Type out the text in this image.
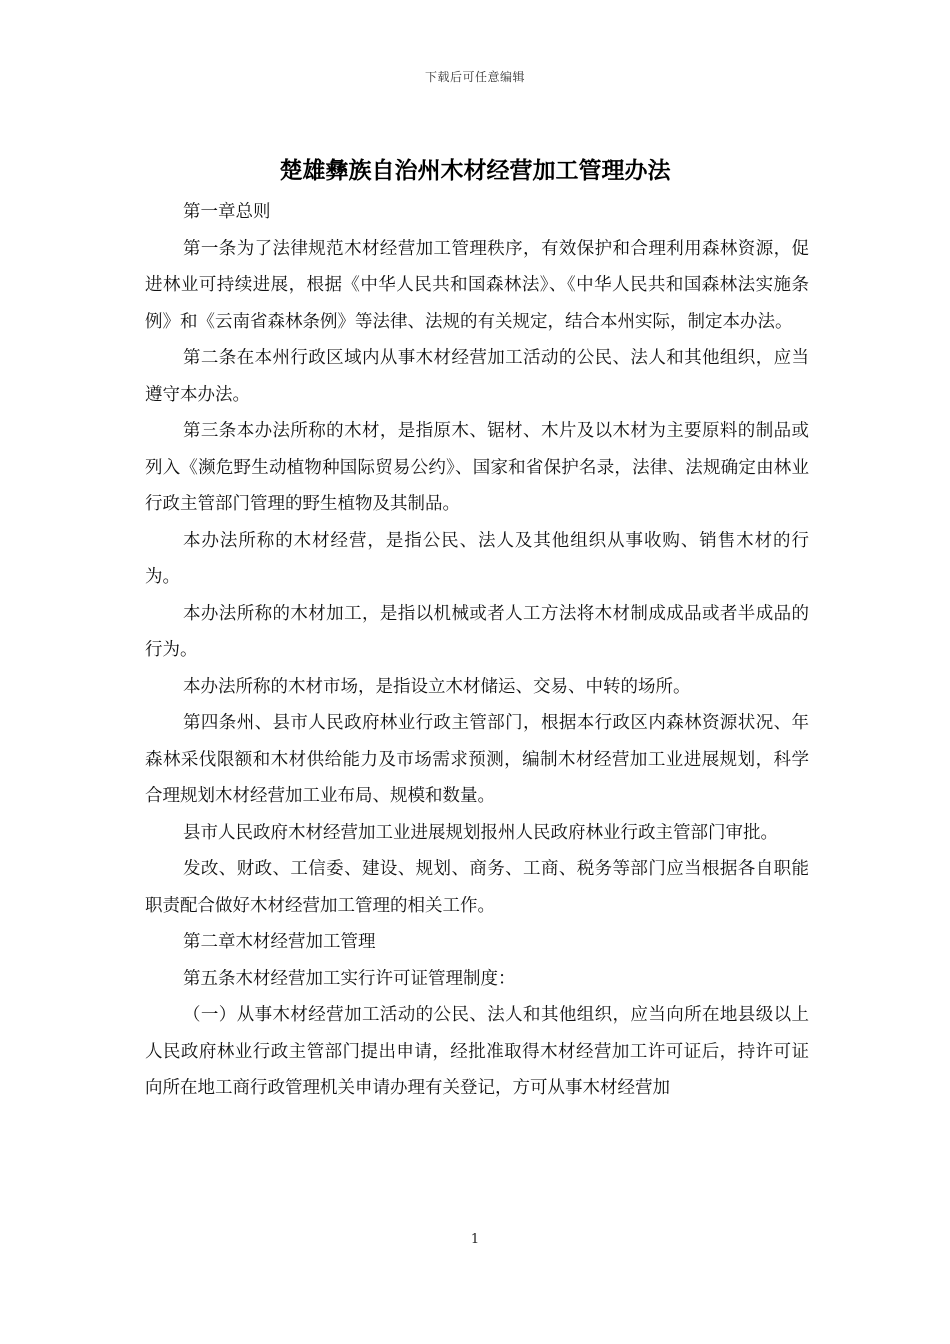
下载后可任意编辑
楚雄彝族自治州木材经营加工管理办法

第一章总则

第一条为了法律规范木材经营加工管理秩序，有效保护和合理利用森林资源，促进林业可持续进展，根据《中华人民共和国森林法》、《中华人民共和国森林法实施条例》和《云南省森林条例》等法律、法规的有关规定，结合本州实际，制定本办法。

第二条在本州行政区域内从事木材经营加工活动的公民、法人和其他组织，应当遵守本办法。

第三条本办法所称的木材，是指原木、锯材、木片及以木材为主要原料的制品或列入《濒危野生动植物种国际贸易公约》、国家和省保护名录，法律、法规确定由林业行政主管部门管理的野生植物及其制品。

本办法所称的木材经营，是指公民、法人及其他组织从事收购、销售木材的行为。

本办法所称的木材加工，是指以机械或者人工方法将木材制成成品或者半成品的行为。

本办法所称的木材市场，是指设立木材储运、交易、中转的场所。

第四条州、县市人民政府林业行政主管部门，根据本行政区内森林资源状况、年森林采伐限额和木材供给能力及市场需求预测，编制木材经营加工业进展规划，科学合理规划木材经营加工业布局、规模和数量。

县市人民政府木材经营加工业进展规划报州人民政府林业行政主管部门审批。

发改、财政、工信委、建设、规划、商务、工商、税务等部门应当根据各自职能职责配合做好木材经营加工管理的相关工作。

第二章木材经营加工管理

第五条木材经营加工实行许可证管理制度：

（一）从事木材经营加工活动的公民、法人和其他组织，应当向所在地县级以上人民政府林业行政主管部门提出申请，经批准取得木材经营加工许可证后，持许可证向所在地工商行政管理机关申请办理有关登记，方可从事木材经营加

1
